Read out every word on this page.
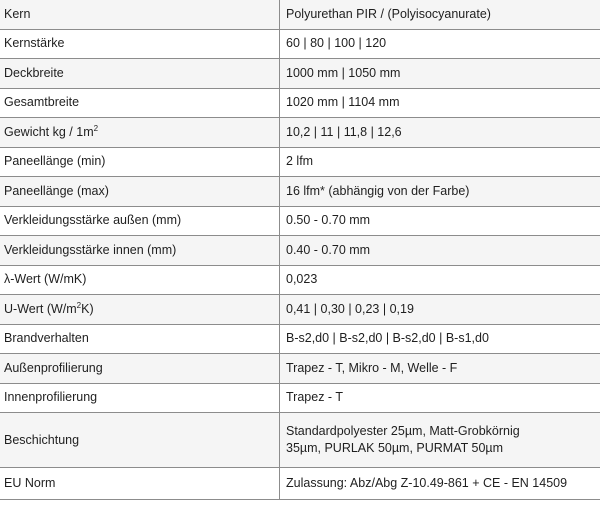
Kern	Polyurethan PIR / (Polyisocyanurate)
Kernstärke	60 | 80 | 100 | 120
Deckbreite	1000 mm | 1050 mm
Gesamtbreite	1020 mm | 1104 mm
Gewicht kg / $1m^2$	10,2 | 11 | 11,8 | 12,6
Paneellänge (min)	2 lfm
Paneellänge (max)	16 lfm* (abhängig von der Farbe)
Verkleidungsstärke außen (mm)	0.50 - 0.70 mm
Verkleidungsstärke innen (mm)	0.40 - 0.70 mm
λ-Wert (W/mK)	0,023
U-Wert $(W/m^2K)$	0,41 | 0,30 | 0,23 | 0,19
Brandverhalten	B-s2,d0 | B-s2,d0 | B-s2,d0 | B-s1,d0
Außenprofilierung	Trapez - T, Mikro - M, Welle - F
Innenprofilierung	Trapez - T
Beschichtung	Standardpolyester 25µm, Matt-Grobkörnig
35µm, PURLAK 50µm, PURMAT 50µm

EU Norm	Zulassung: Abz/Abg Z-10.49-861 + CE - EN 14509
